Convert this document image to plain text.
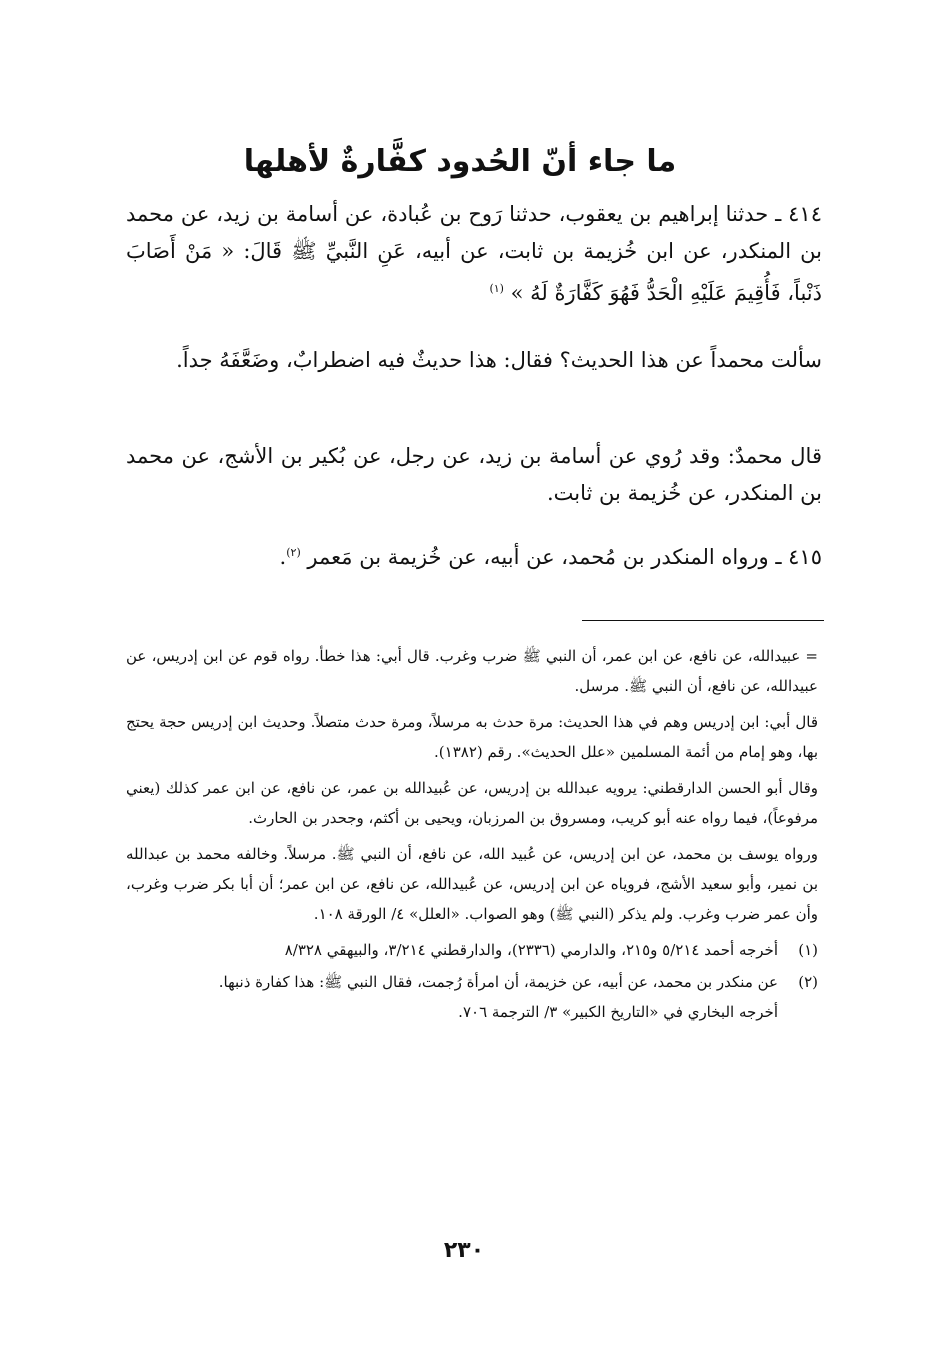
ما جاء أنّ الحُدود كفَّارةٌ لأهلها

٤١٤ ـ حدثنا إبراهيم بن يعقوب، حدثنا رَوح بن عُبادة، عن أسامة بن زيد، عن محمد بن المنكدر، عن ابن خُزيمة بن ثابت، عن أبيه، عَنِ النَّبيِّ ﷺ قَالَ: « مَنْ أَصَابَ ذَنْباً، فَأُقِيمَ عَلَيْهِ الْحَدُّ فَهُوَ كَفَّارَةٌ لَهُ » $^{(١)}$

سألت محمداً عن هذا الحديث؟ فقال: هذا حديثٌ فيه اضطرابٌ، وضَعَّفَهُ جداً.

قال محمدٌ: وقد رُوي عن أسامة بن زيد، عن رجل، عن بُكير بن الأشج، عن محمد بن المنكدر، عن خُزيمة بن ثابت.

٤١٥ ـ ورواه المنكدر بن مُحمد، عن أبيه، عن خُزيمة بن مَعمر $^{(٢)}$.

= عبيدالله، عن نافع، عن ابن عمر، أن النبي ﷺ ضرب وغرب. قال أبي: هذا خطأ. رواه قوم عن ابن إدريس، عن عبيدالله، عن نافع، أن النبي ﷺ. مرسل.

قال أبي: ابن إدريس وهم في هذا الحديث: مرة حدث به مرسلاً، ومرة حدث متصلاً. وحديث ابن إدريس حجة يحتج بها، وهو إمام من أئمة المسلمين «علل الحديث». رقم (١٣٨٢).

وقال أبو الحسن الدارقطني: يرويه عبدالله بن إدريس، عن عُبيدالله بن عمر، عن نافع، عن ابن عمر كذلك (يعني مرفوعاً)، فيما رواه عنه أبو كريب، ومسروق بن المرزبان، ويحيى بن أكثم، وجحدر بن الحارث.

ورواه يوسف بن محمد، عن ابن إدريس، عن عُبيد الله، عن نافع، أن النبي ﷺ. مرسلاً. وخالفه محمد بن عبدالله بن نمير، وأبو سعيد الأشج، فروياه عن ابن إدريس، عن عُبيدالله، عن نافع، عن ابن عمر؛ أن أبا بكر ضرب وغرب، وأن عمر ضرب وغرب. ولم يذكر (النبي ﷺ) وهو الصواب. «العلل» ٤/ الورقة ١٠٨.

(١)

أخرجه أحمد ٥/٢١٤ و٢١٥، والدارمي (٢٣٣٦)، والدارقطني ٣/٢١٤، والبيهقي ٨/٣٢٨

(٢)

عن منكدر بن محمد، عن أبيه، عن خزيمة، أن امرأة رُجمت، فقال النبي ﷺ: هذا كفارة ذنبها.

أخرجه البخاري في «التاريخ الكبير» ٣/ الترجمة ٧٠٦.

٢٣٠
